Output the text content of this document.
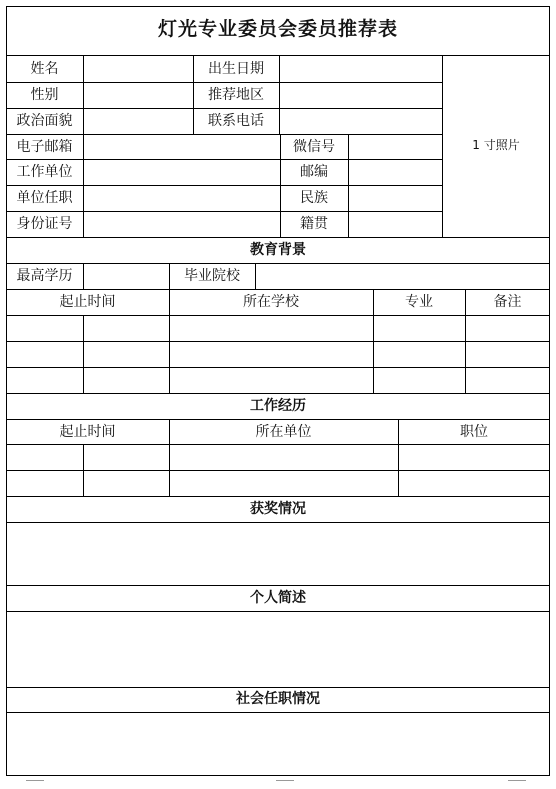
灯光专业委员会委员推荐表
姓名	出生日期
性别	推荐地区
政治面貌	联系电话
电子邮箱	微信号	1 寸照片
工作单位	邮编
单位任职	民族
身份证号	籍贯
教育背景
最高学历	毕业院校
起止时间	所在学校	专业	备注
工作经历
起止时间	所在单位	职位
获奖情况
个人简述
社会任职情况
